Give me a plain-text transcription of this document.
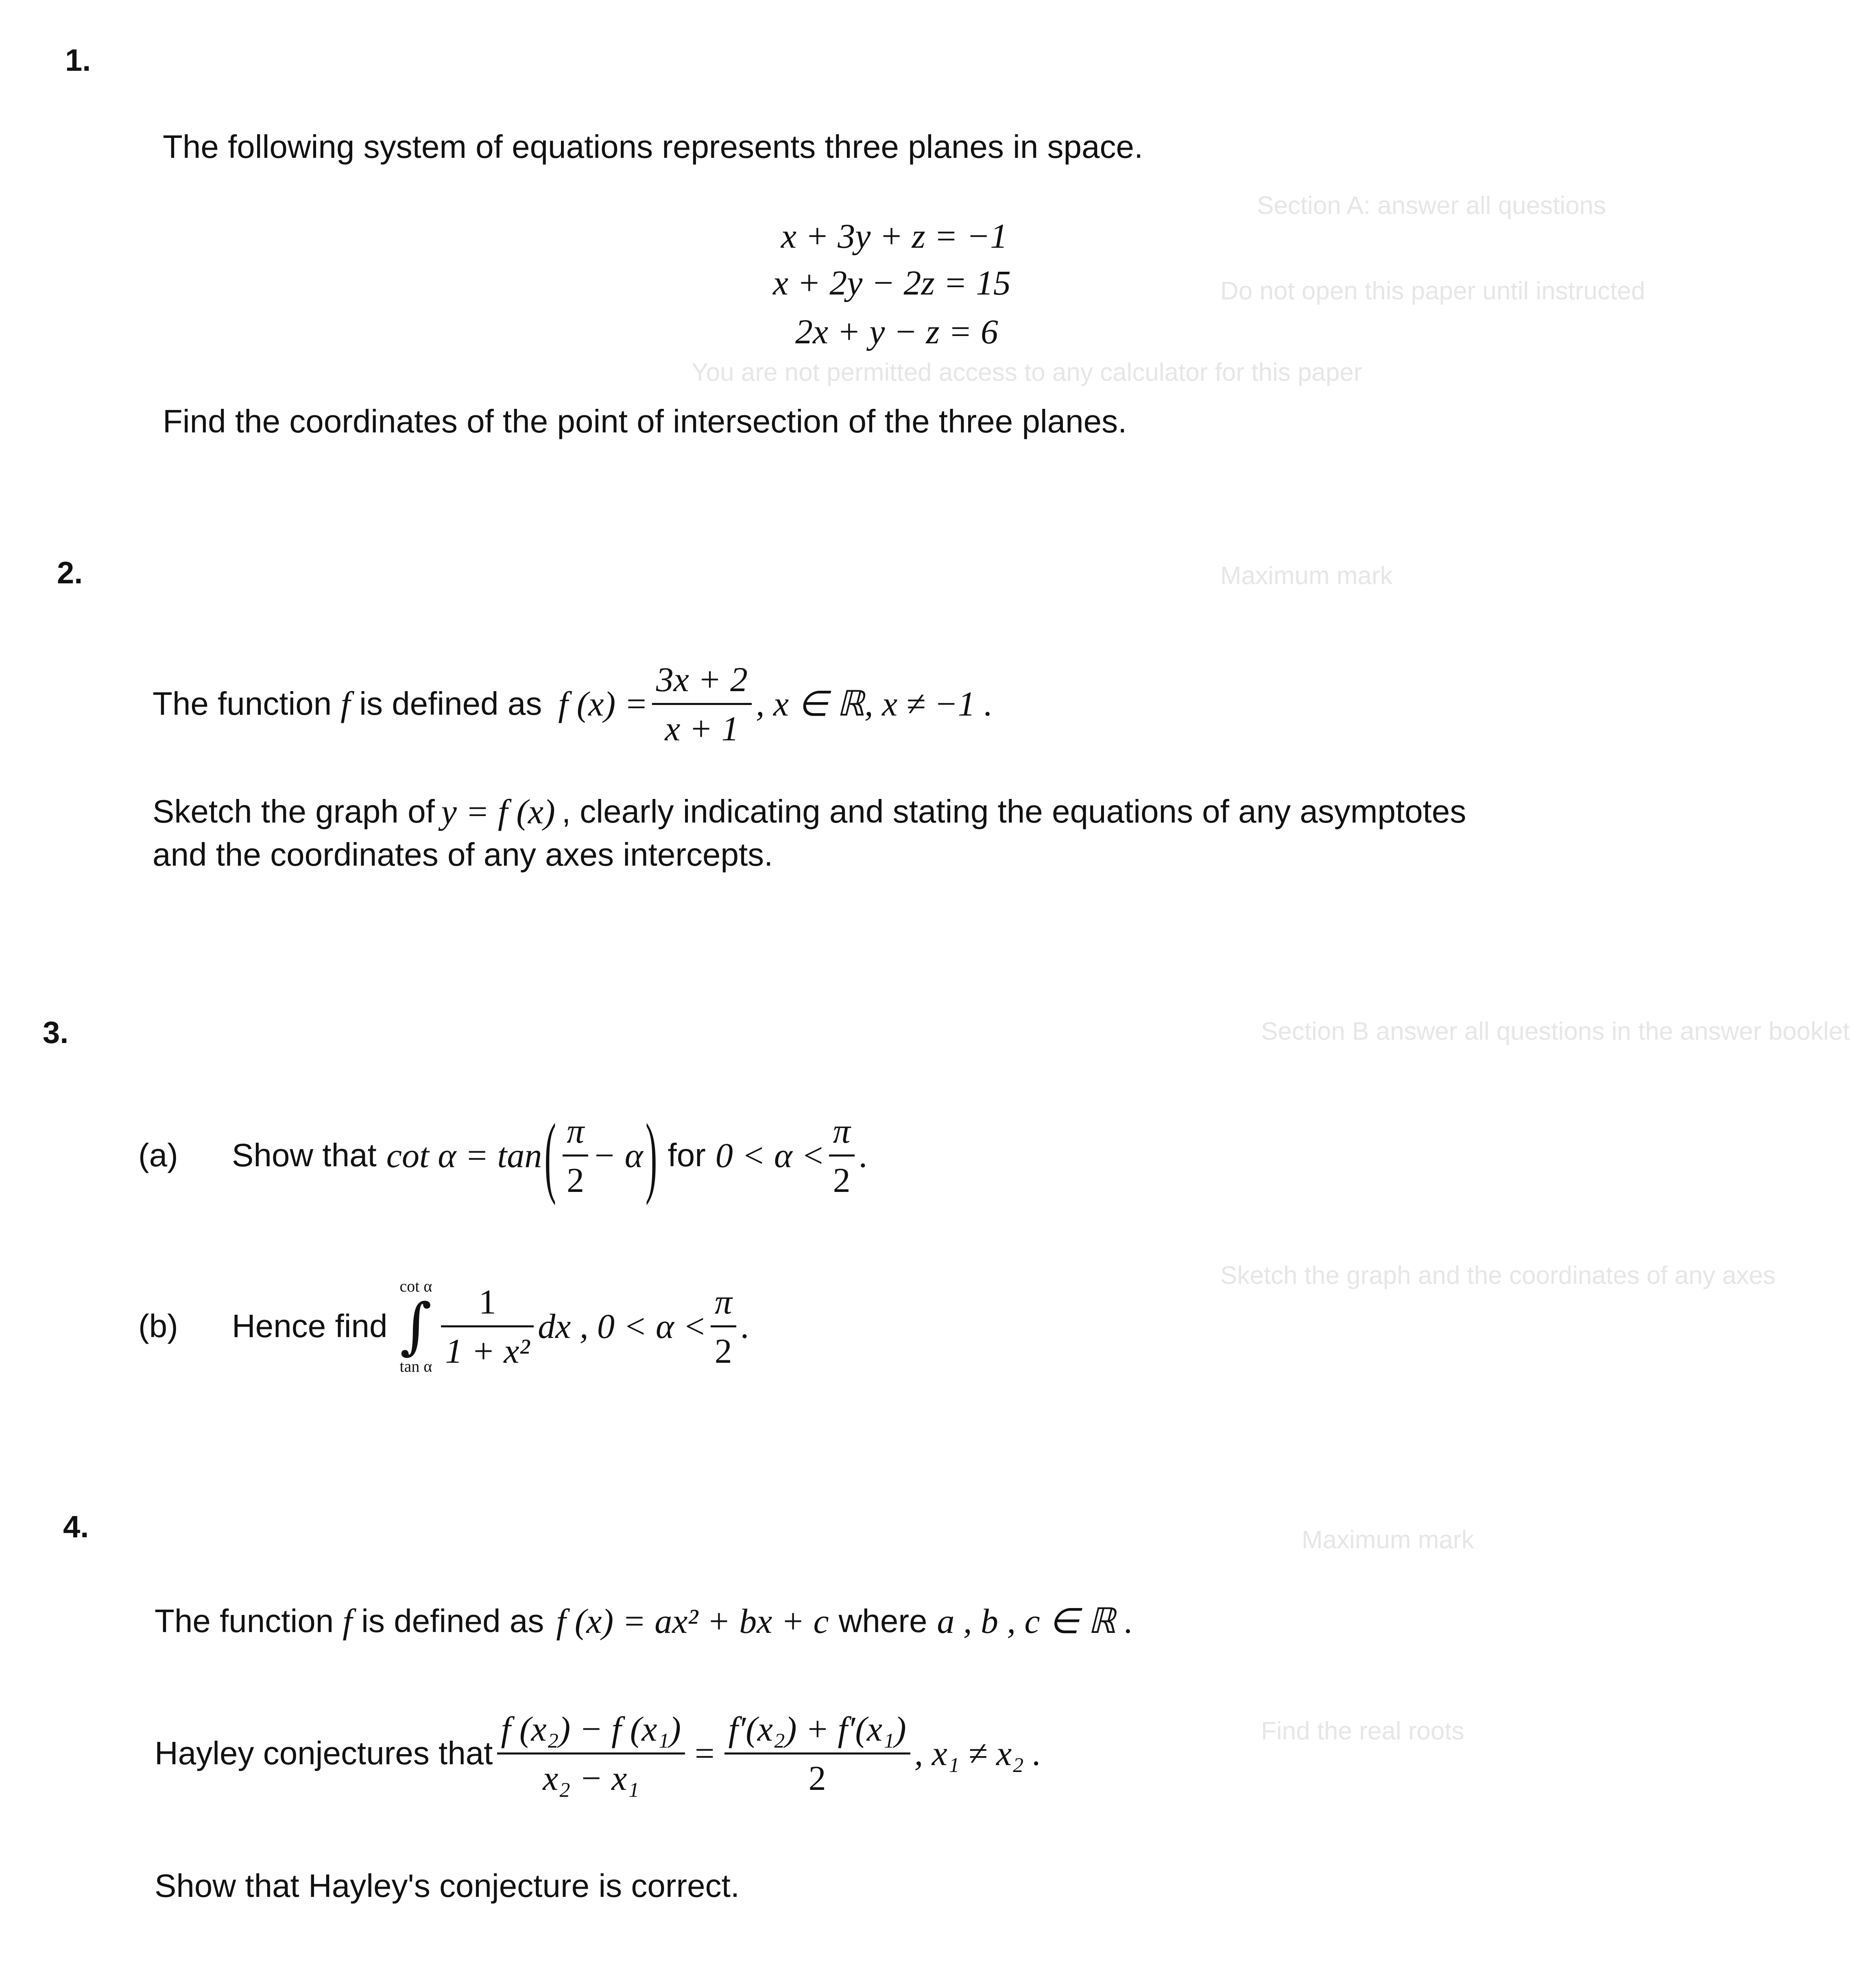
Section A: answer all questions
Do not open this paper until instructed
You are not permitted access to any calculator for this paper
Maximum mark
Section B answer all questions in the answer booklet
Sketch the graph and the coordinates of any axes
Maximum mark
Find the real roots
1.
The following system of equations represents three planes in space.
x + 3y + z = −1
x + 2y − 2z = 15
2x + y − z = 6
Find the coordinates of the point of intersection of the three planes.
2.
The function f is defined as f (x) =
3x + 2
x + 1
, x ∈ ℝ, x ≠ −1 .
Sketch the graph of y = f (x) , clearly indicating and stating the equations of any asymptotes
and the coordinates of any axes intercepts.
3.
(a)	Show that cot α = tan ( π
2
− α ) for 0 < α <
π
2
.
(b)	Hence find
cot α
∫
tan α
1
1 + x²
dx , 0 < α <
π
2
.
4.
The function f is defined as f (x) = ax² + bx + c where a , b , c ∈ ℝ .
Hayley conjectures that
f (x₂) − f (x₁)
x₂ − x₁
=
f′(x₂) + f′(x₁)
2
, x₁ ≠ x₂ .
Show that Hayley's conjecture is correct.
